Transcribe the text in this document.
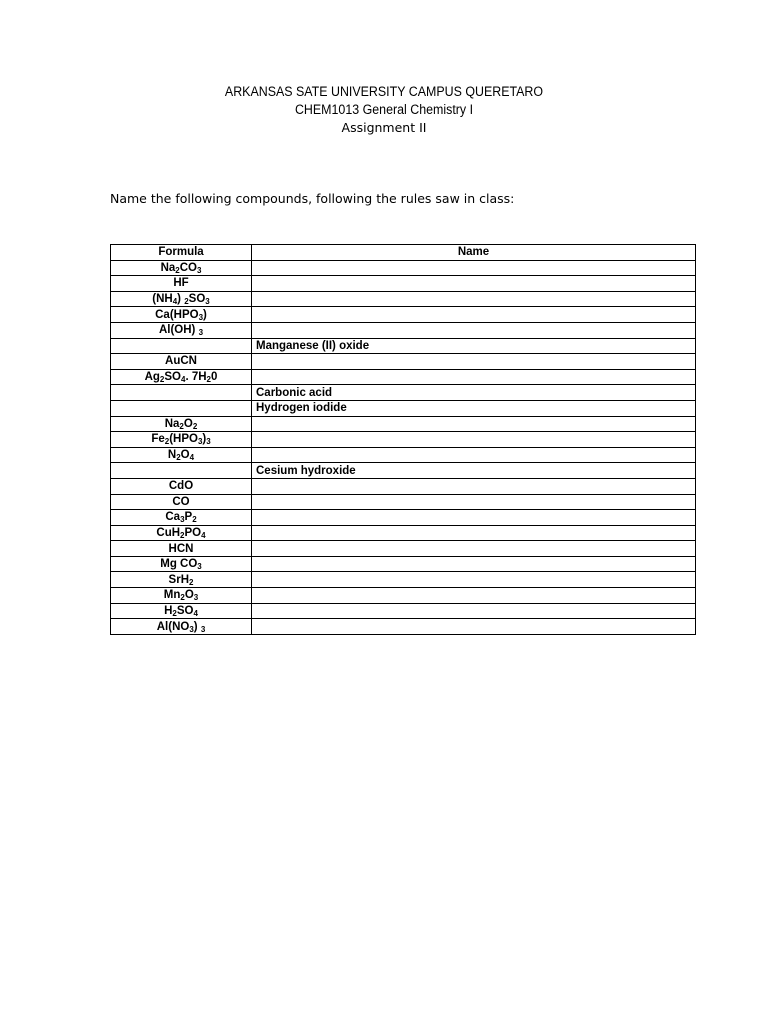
ARKANSAS SATE UNIVERSITY CAMPUS QUERETARO
CHEM1013 General Chemistry I
Assignment II
Name the following compounds, following the rules saw in class:
Formula	Name
$Na_2CO_3$	
HF	
$(NH_4)$ $_2SO_3$	
$Ca(HPO_3)$	
Al(OH) $_3$	
	Manganese (II) oxide
AuCN	
$Ag_2SO_4$. $7H_20$	
	Carbonic acid
	Hydrogen iodide
$Na_2O_2$	
$Fe_2(HPO_3)_3$	
$N_2O_4$	
	Cesium hydroxide
CdO	
CO	
$Ca_3P_2$	
$CuH_2PO_4$	
HCN	
Mg $CO_3$	
SrH$_2$	
$Mn_2O_3$	
$H_2SO_4$	
$Al(NO_3)$ $_3$	
